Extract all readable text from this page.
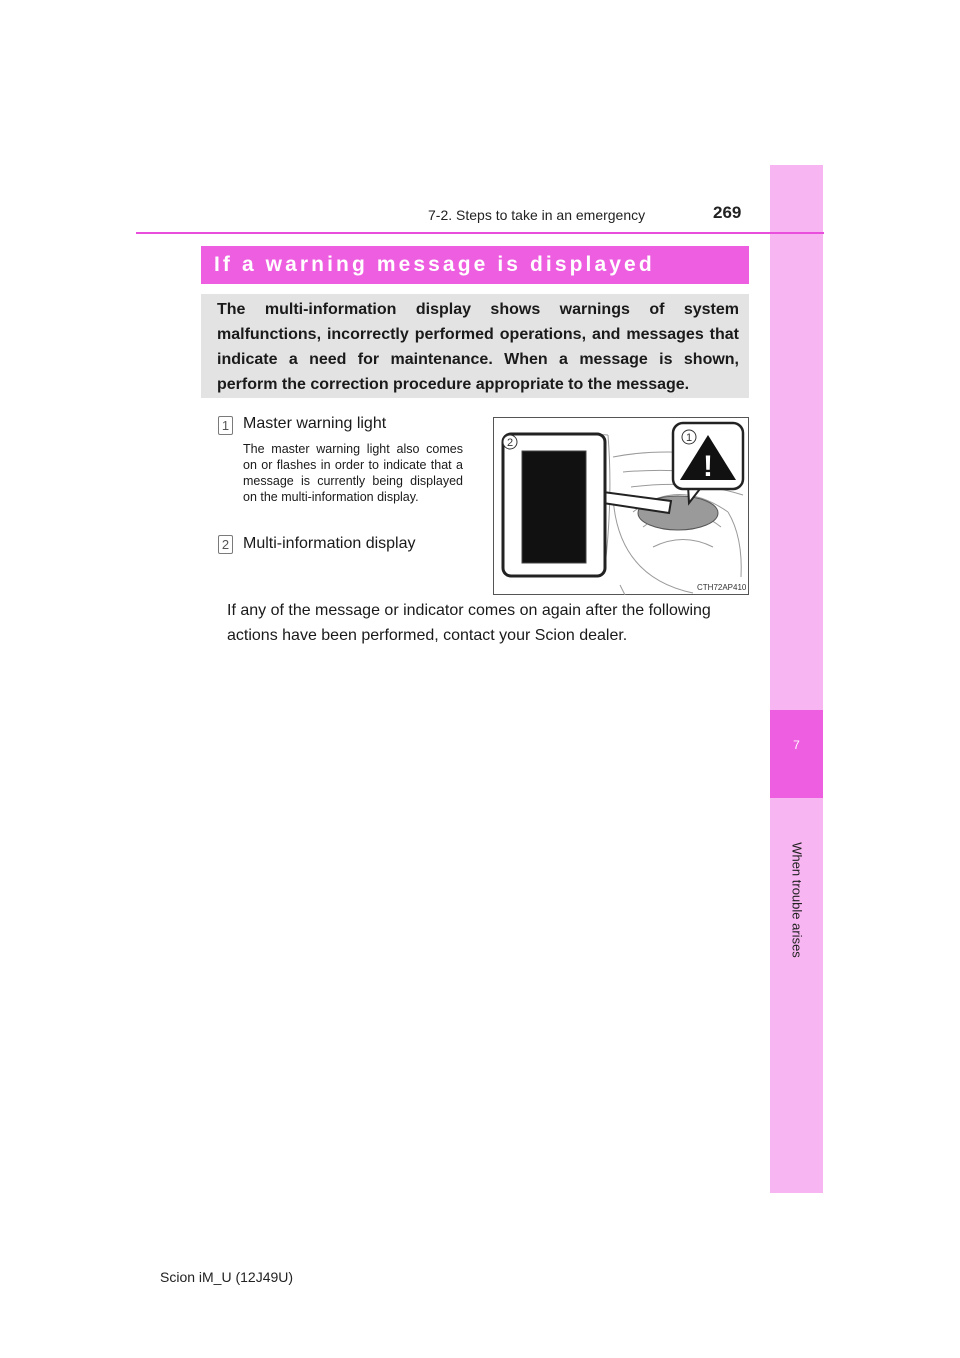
7
When trouble arises
7-2. Steps to take in an emergency	269
If a warning message is displayed
The multi-information display shows warnings of system malfunctions, incorrectly performed operations, and messages that indicate a need for maintenance. When a message is shown, perform the correction procedure appropriate to the message.
1 Master warning light
The master warning light also comes on or flashes in order to indicate that a message is currently being displayed on the multi-information display.
2 Multi-information display
!
2	1
CTH72AP410
If any of the message or indicator comes on again after the following actions have been performed, contact your Scion dealer.
Scion iM_U (12J49U)
